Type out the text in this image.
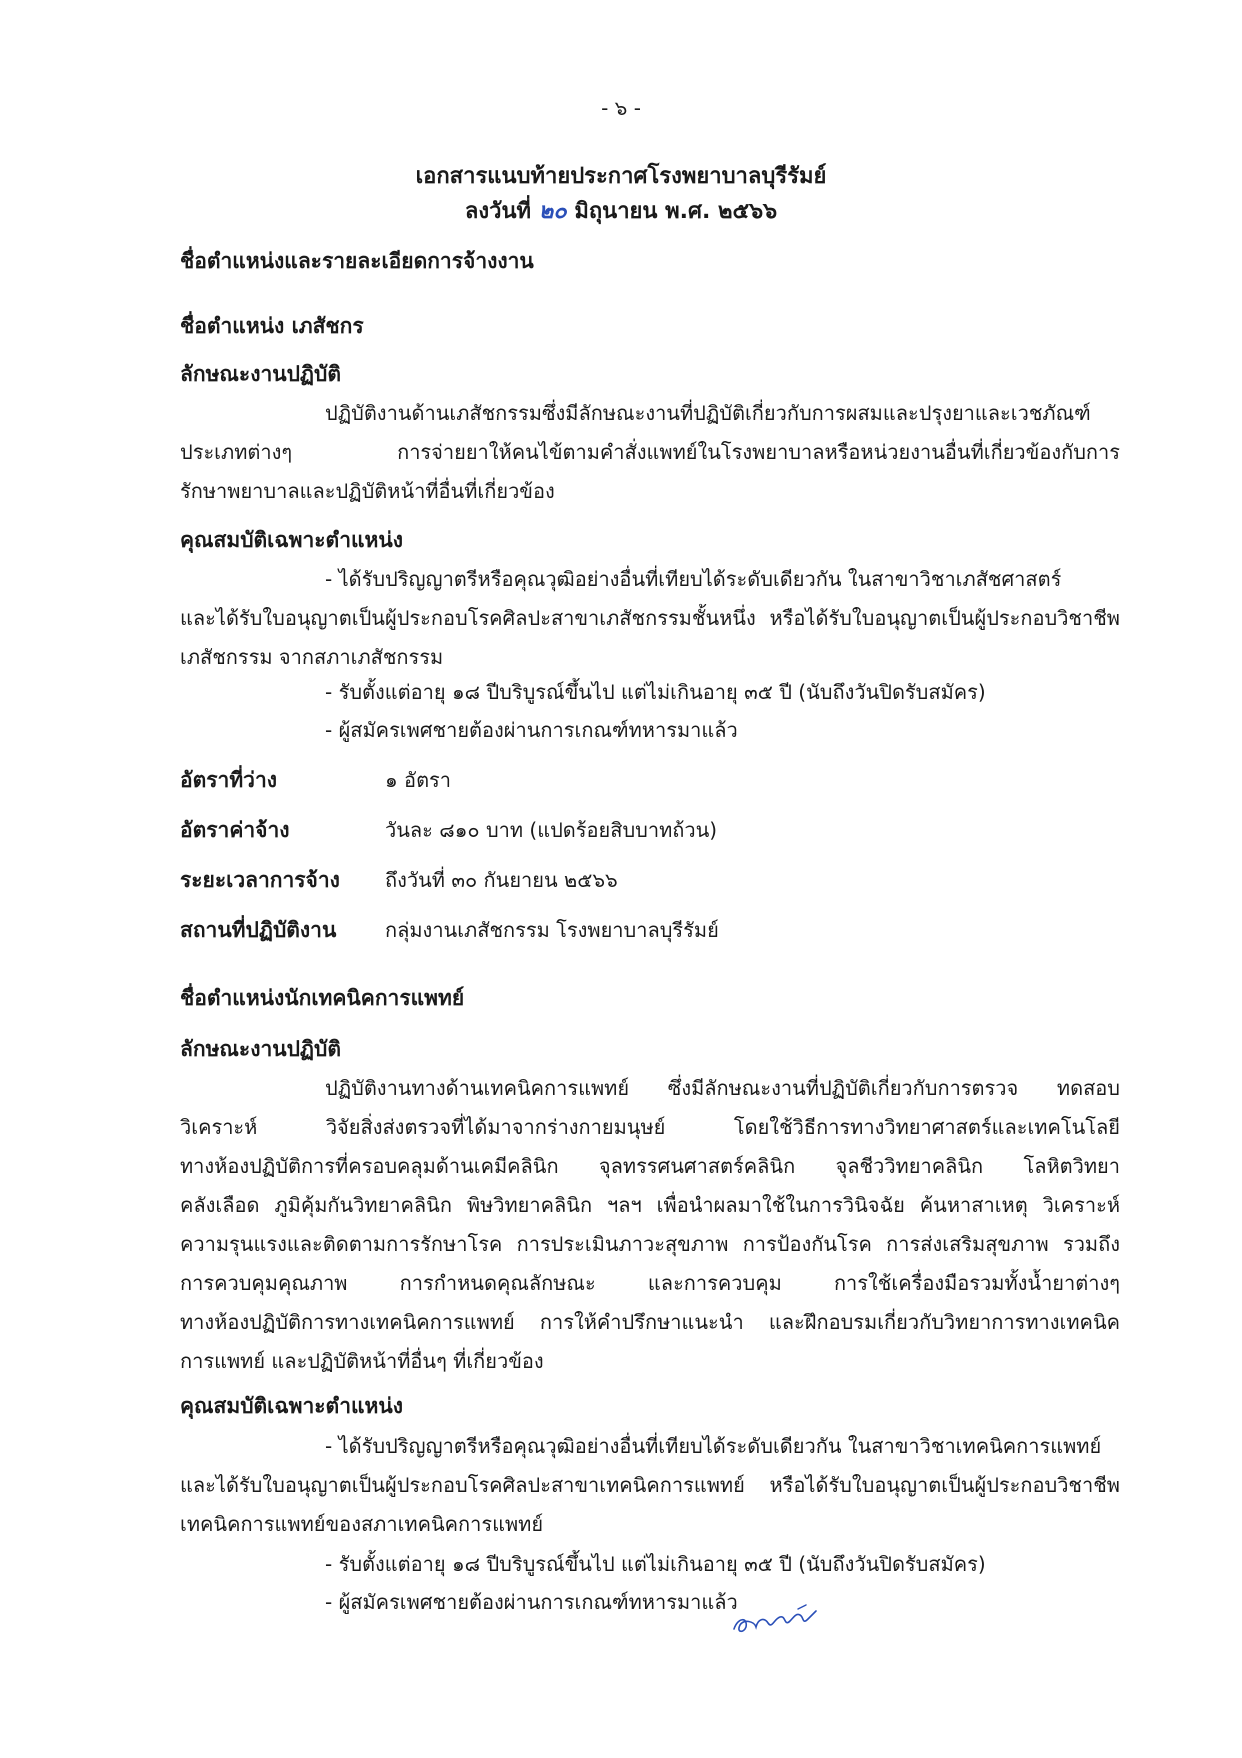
- ๖ -
เอกสารแนบท้ายประกาศโรงพยาบาลบุรีรัมย์
ลงวันที่ ๒๐ มิถุนายน พ.ศ. ๒๕๖๖
ชื่อตำแหน่งและรายละเอียดการจ้างงาน
ชื่อตำแหน่ง เภสัชกร
ลักษณะงานปฏิบัติ
ปฏิบัติงานด้านเภสัชกรรมซึ่งมีลักษณะงานที่ปฏิบัติเกี่ยวกับการผสมและปรุงยาและเวชภัณฑ์
ประเภทต่างๆ การจ่ายยาให้คนไข้ตามคำสั่งแพทย์ในโรงพยาบาลหรือหน่วยงานอื่นที่เกี่ยวข้องกับการ
รักษาพยาบาลและปฏิบัติหน้าที่อื่นที่เกี่ยวข้อง
คุณสมบัติเฉพาะตำแหน่ง
- ได้รับปริญญาตรีหรือคุณวุฒิอย่างอื่นที่เทียบได้ระดับเดียวกัน ในสาขาวิชาเภสัชศาสตร์
และได้รับใบอนุญาตเป็นผู้ประกอบโรคศิลปะสาขาเภสัชกรรมชั้นหนึ่ง หรือได้รับใบอนุญาตเป็นผู้ประกอบวิชาชีพ
เภสัชกรรม จากสภาเภสัชกรรม
- รับตั้งแต่อายุ ๑๘ ปีบริบูรณ์ขึ้นไป แต่ไม่เกินอายุ ๓๕ ปี (นับถึงวันปิดรับสมัคร)
- ผู้สมัครเพศชายต้องผ่านการเกณฑ์ทหารมาแล้ว
อัตราที่ว่าง	๑ อัตรา
อัตราค่าจ้าง	วันละ ๘๑๐ บาท (แปดร้อยสิบบาทถ้วน)
ระยะเวลาการจ้าง ถึงวันที่ ๓๐ กันยายน ๒๕๖๖
สถานที่ปฏิบัติงาน กลุ่มงานเภสัชกรรม โรงพยาบาลบุรีรัมย์
ชื่อตำแหน่งนักเทคนิคการแพทย์
ลักษณะงานปฏิบัติ
ปฏิบัติงานทางด้านเทคนิคการแพทย์ ซึ่งมีลักษณะงานที่ปฏิบัติเกี่ยวกับการตรวจ ทดสอบ
วิเคราะห์ วิจัยสิ่งส่งตรวจที่ได้มาจากร่างกายมนุษย์ โดยใช้วิธีการทางวิทยาศาสตร์และเทคโนโลยี
ทางห้องปฏิบัติการที่ครอบคลุมด้านเคมีคลินิก จุลทรรศนศาสตร์คลินิก จุลชีววิทยาคลินิก โลหิตวิทยา
คลังเลือด ภูมิคุ้มกันวิทยาคลินิก พิษวิทยาคลินิก ฯลฯ เพื่อนำผลมาใช้ในการวินิจฉัย ค้นหาสาเหตุ วิเคราะห์
ความรุนแรงและติดตามการรักษาโรค การประเมินภาวะสุขภาพ การป้องกันโรค การส่งเสริมสุขภาพ รวมถึง
การควบคุมคุณภาพ การกำหนดคุณลักษณะ และการควบคุม การใช้เครื่องมือรวมทั้งน้ำยาต่างๆ
ทางห้องปฏิบัติการทางเทคนิคการแพทย์ การให้คำปรึกษาแนะนำ และฝึกอบรมเกี่ยวกับวิทยาการทางเทคนิค
การแพทย์ และปฏิบัติหน้าที่อื่นๆ ที่เกี่ยวข้อง
คุณสมบัติเฉพาะตำแหน่ง
- ได้รับปริญญาตรีหรือคุณวุฒิอย่างอื่นที่เทียบได้ระดับเดียวกัน ในสาขาวิชาเทคนิคการแพทย์
และได้รับใบอนุญาตเป็นผู้ประกอบโรคศิลปะสาขาเทคนิคการแพทย์ หรือได้รับใบอนุญาตเป็นผู้ประกอบวิชาชีพ
เทคนิคการแพทย์ของสภาเทคนิคการแพทย์
- รับตั้งแต่อายุ ๑๘ ปีบริบูรณ์ขึ้นไป แต่ไม่เกินอายุ ๓๕ ปี (นับถึงวันปิดรับสมัคร)
- ผู้สมัครเพศชายต้องผ่านการเกณฑ์ทหารมาแล้ว
